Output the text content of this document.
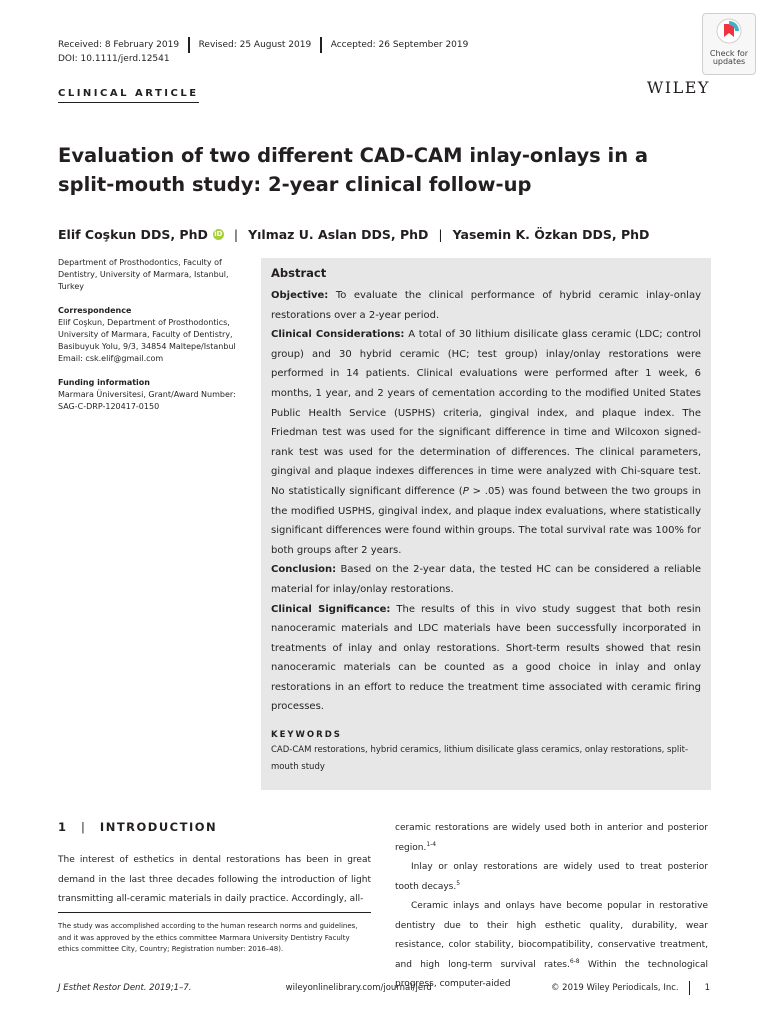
Received: 8 February 2019 Revised: 25 August 2019 Accepted: 26 September 2019
DOI: 10.1111/jerd.12541
Check for
updates
WILEY
CLINICAL ARTICLE
Evaluation of two different CAD-CAM inlay-onlays in a split-mouth study: 2-year clinical follow-up
Elif Coşkun DDS, PhD iD | Yılmaz U. Aslan DDS, PhD | Yasemin K. Özkan DDS, PhD
Department of Prosthodontics, Faculty of Dentistry, University of Marmara, Istanbul, Turkey
Correspondence
Elif Coşkun, Department of Prosthodontics,
University of Marmara, Faculty of Dentistry,
Basibuyuk Yolu, 9/3, 34854 Maltepe/Istanbul
Email: csk.elif@gmail.com
Funding information
Marmara Üniversitesi, Grant/Award Number:
SAG-C-DRP-120417-0150
Abstract

Objective: To evaluate the clinical performance of hybrid ceramic inlay-onlay restorations over a 2-year period.

Clinical Considerations: A total of 30 lithium disilicate glass ceramic (LDC; control group) and 30 hybrid ceramic (HC; test group) inlay/onlay restorations were performed in 14 patients. Clinical evaluations were performed after 1 week, 6 months, 1 year, and 2 years of cementation according to the modified United States Public Health Service (USPHS) criteria, gingival index, and plaque index. The Friedman test was used for the significant difference in time and Wilcoxon signed-rank test was used for the determination of differences. The clinical parameters, gingival and plaque indexes differences in time were analyzed with Chi-square test. No statistically significant difference (P > .05) was found between the two groups in the modified USPHS, gingival index, and plaque index evaluations, where statistically significant differences were found within groups. The total survival rate was 100% for both groups after 2 years.

Conclusion: Based on the 2-year data, the tested HC can be considered a reliable material for inlay/onlay restorations.

Clinical Significance: The results of this in vivo study suggest that both resin nanoceramic materials and LDC materials have been successfully incorporated in treatments of inlay and onlay restorations. Short-term results showed that resin nanoceramic materials can be counted as a good choice in inlay and onlay restorations in an effort to reduce the treatment time associated with ceramic firing processes.

KEYWORDS
CAD-CAM restorations, hybrid ceramics, lithium disilicate glass ceramics, onlay restorations, split-mouth study
1 | INTRODUCTION

The interest of esthetics in dental restorations has been in great demand in the last three decades following the introduction of light transmitting all-ceramic materials in daily practice. Accordingly, all-

The study was accomplished according to the human research norms and guidelines, and it was approved by the ethics committee Marmara University Dentistry Faculty ethics committee City, Country; Registration number: 2016–48).

ceramic restorations are widely used both in anterior and posterior region.$^{1-4}$

Inlay or onlay restorations are widely used to treat posterior tooth decays.$^5$

Ceramic inlays and onlays have become popular in restorative dentistry due to their high esthetic quality, durability, wear resistance, color stability, biocompatibility, conservative treatment, and high long-term survival rates.$^{6-8}$ Within the technological progress, computer-aided

J Esthet Restor Dent. 2019;1–7.	wileyonlinelibrary.com/journal/jerd	© 2019 Wiley Periodicals, Inc.	1
